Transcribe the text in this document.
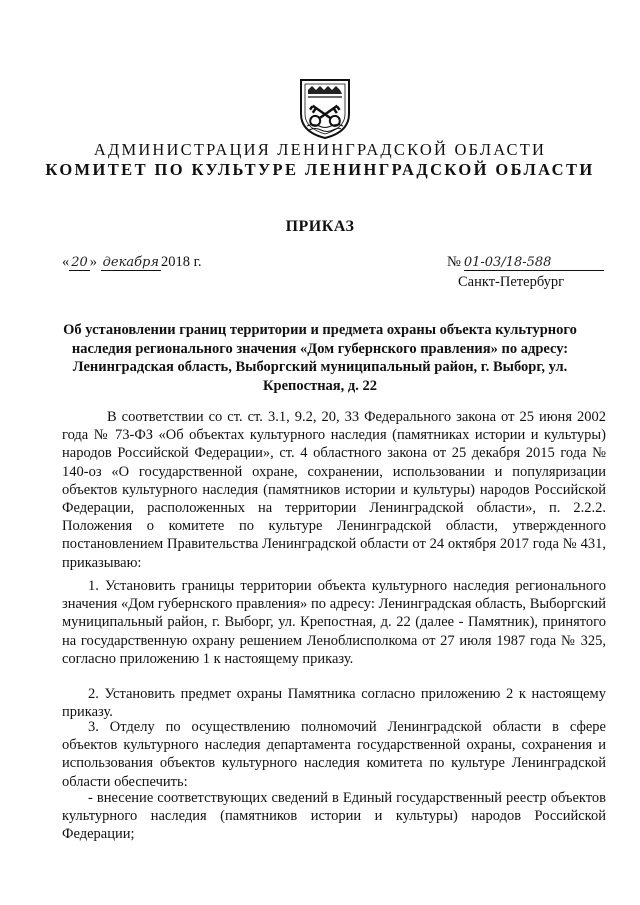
АДМИНИСТРАЦИЯ ЛЕНИНГРАДСКОЙ ОБЛАСТИ
КОМИТЕТ ПО КУЛЬТУРЕ ЛЕНИНГРАДСКОЙ ОБЛАСТИ
ПРИКАЗ
« 20 » декабря 2018 г.	№ 01-03/18-588
Санкт-Петербург
Об установлении границ территории и предмета охраны объекта культурного наследия регионального значения «Дом губернского правления» по адресу: Ленинградская область, Выборгский муниципальный район, г. Выборг, ул. Крепостная, д. 22

В соответствии со ст. ст. 3.1, 9.2, 20, 33 Федерального закона от 25 июня 2002 года № 73-ФЗ «Об объектах культурного наследия (памятниках истории и культуры) народов Российской Федерации», ст. 4 областного закона от 25 декабря 2015 года № 140-оз «О государственной охране, сохранении, использовании и популяризации объектов культурного наследия (памятников истории и культуры) народов Российской Федерации, расположенных на территории Ленинградской области», п. 2.2.2. Положения о комитете по культуре Ленинградской области, утвержденного постановлением Правительства Ленинградской области от 24 октября 2017 года № 431, приказываю:

1. Установить границы территории объекта культурного наследия регионального значения «Дом губернского правления» по адресу: Ленинградская область, Выборгский муниципальный район, г. Выборг, ул. Крепостная, д. 22 (далее - Памятник), принятого на государственную охрану решением Леноблисполкома от 27 июля 1987 года № 325, согласно приложению 1 к настоящему приказу.

2. Установить предмет охраны Памятника согласно приложению 2 к настоящему приказу.

3. Отделу по осуществлению полномочий Ленинградской области в сфере объектов культурного наследия департамента государственной охраны, сохранения и использования объектов культурного наследия комитета по культуре Ленинградской области обеспечить:

- внесение соответствующих сведений в Единый государственный реестр объектов культурного наследия (памятников истории и культуры) народов Российской Федерации;
